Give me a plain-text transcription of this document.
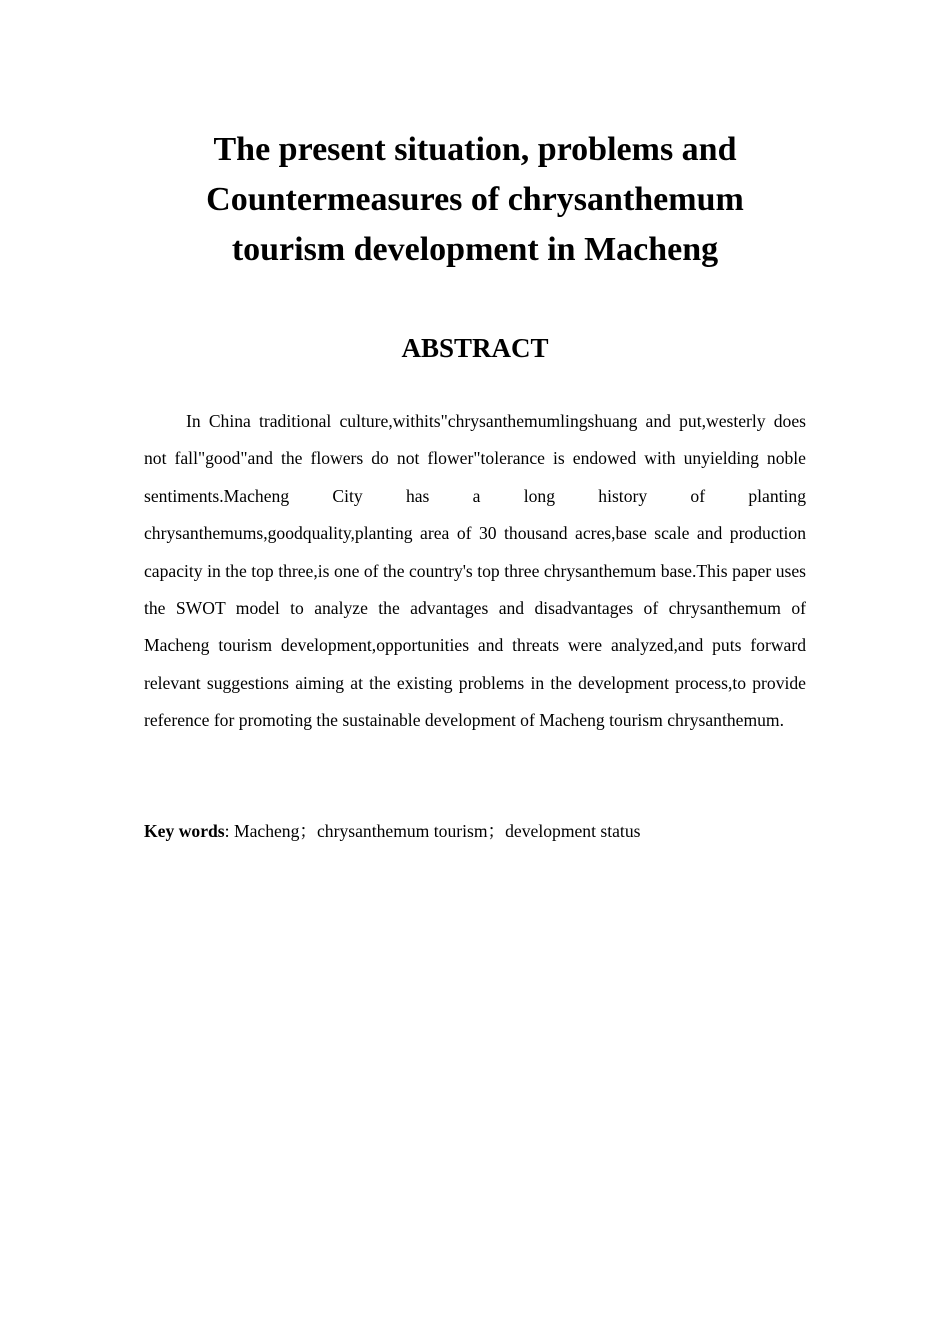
The present situation, problems and Countermeasures of chrysanthemum tourism development in Macheng
ABSTRACT

In China traditional culture,withits"chrysanthemumlingshuang and put,westerly does not fall"good"and the flowers do not flower"tolerance is endowed with unyielding noble sentiments.Macheng City has a long history of planting chrysanthemums,goodquality,planting area of 30 thousand acres,base scale and production capacity in the top three,is one of the country's top three chrysanthemum base.This paper uses the SWOT model to analyze the advantages and disadvantages of chrysanthemum of Macheng tourism development,opportunities and threats were analyzed,and puts forward relevant suggestions aiming at the existing problems in the development process,to provide reference for promoting the sustainable development of Macheng tourism chrysanthemum.

Key words: Macheng；chrysanthemum tourism；development status
